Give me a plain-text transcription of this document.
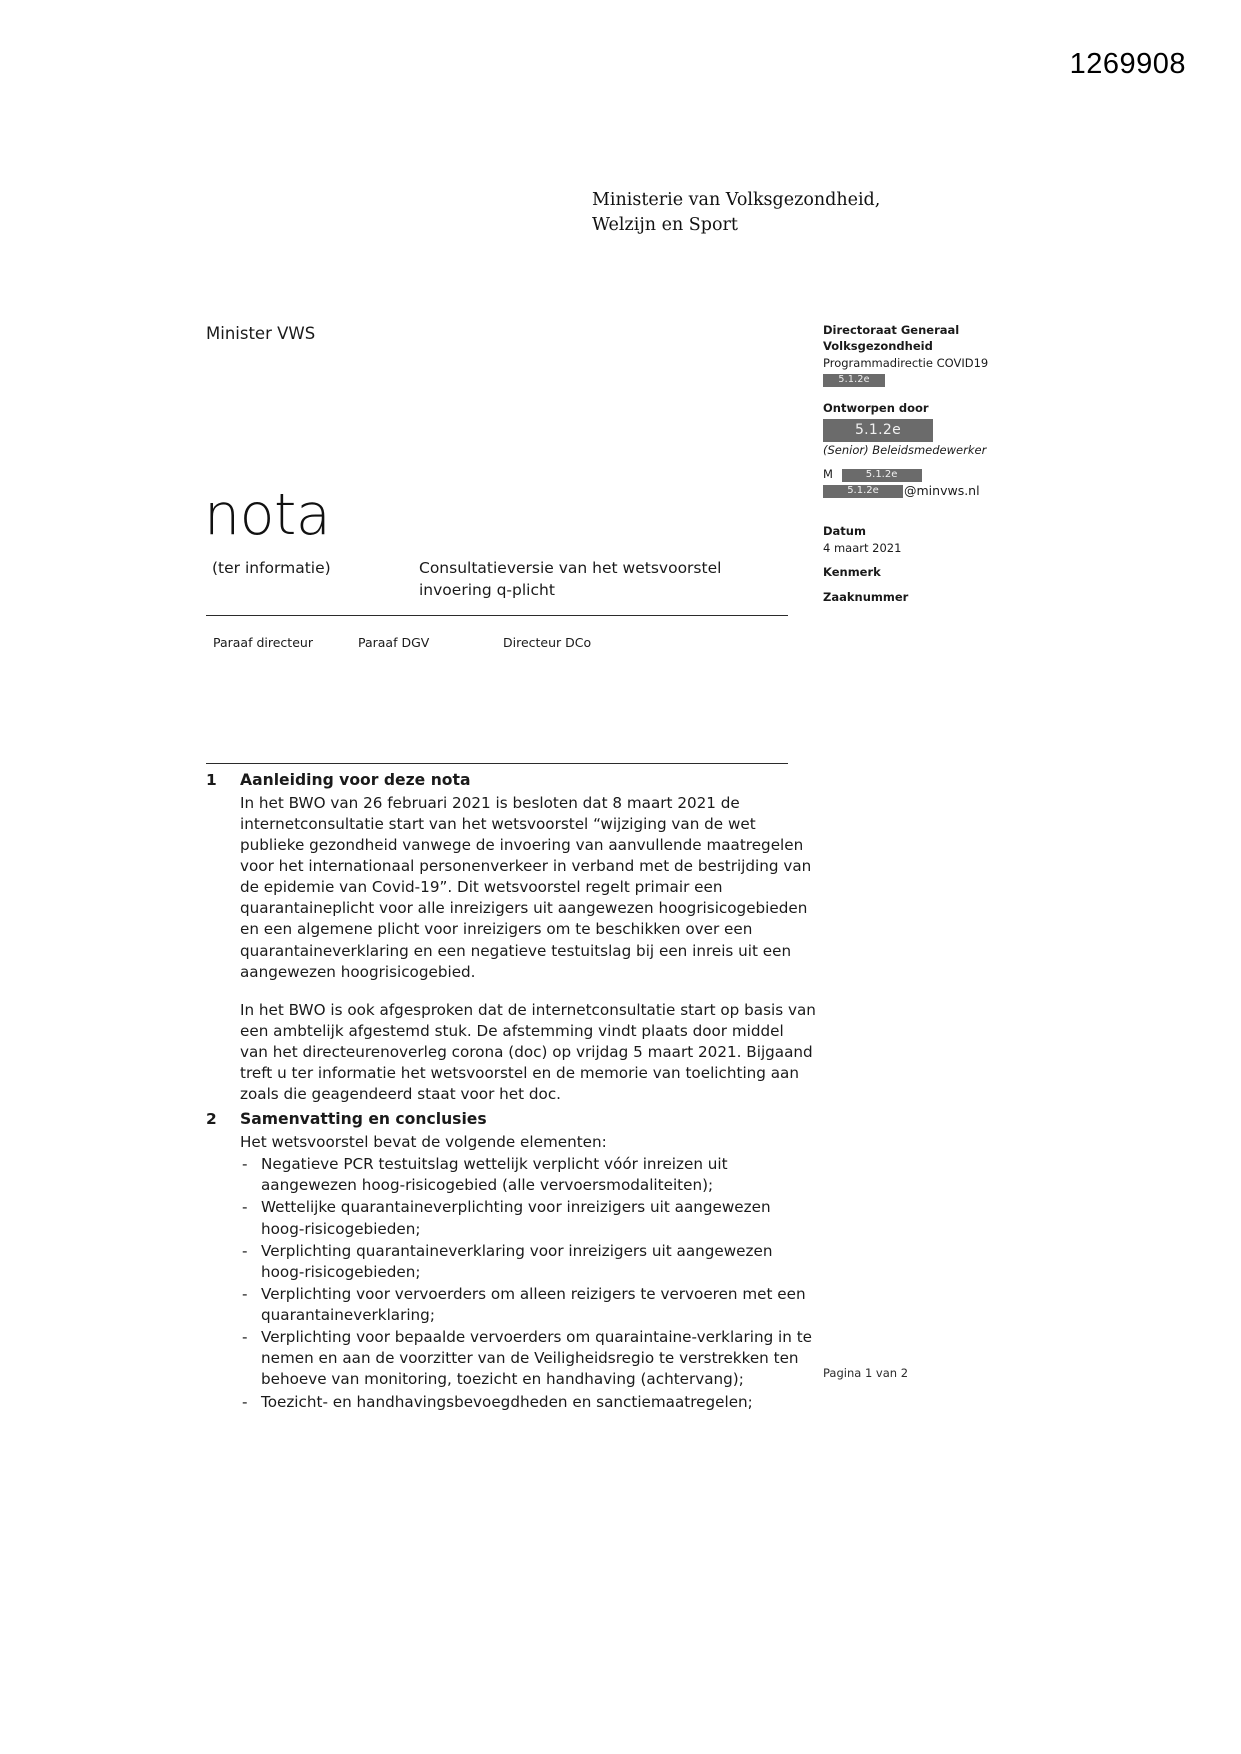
1269908
Ministerie van Volksgezondheid,
Welzijn en Sport
Minister VWS	Directoraat Generaal
Volksgezondheid
Programmadirectie COVID19
5.1.2e
Ontworpen door
5.1.2e
(Senior) Beleidsmedewerker
M	5.1.2e
5.1.2e @minvws.nl
Datum
4 maart 2021
Kenmerk
Zaaknummer
nota
(ter informatie)	Consultatieversie van het wetsvoorstel invoering q-plicht
Paraaf directeur	Paraaf DGV	Directeur DCo
1 Aanleiding voor deze nota

In het BWO van 26 februari 2021 is besloten dat 8 maart 2021 de internetconsultatie start van het wetsvoorstel “wijziging van de wet publieke gezondheid vanwege de invoering van aanvullende maatregelen voor het internationaal personenverkeer in verband met de bestrijding van de epidemie van Covid-19”. Dit wetsvoorstel regelt primair een quarantaineplicht voor alle inreizigers uit aangewezen hoogrisicogebieden en een algemene plicht voor inreizigers om te beschikken over een quarantaineverklaring en een negatieve testuitslag bij een inreis uit een aangewezen hoogrisicogebied.

In het BWO is ook afgesproken dat de internetconsultatie start op basis van een ambtelijk afgestemd stuk. De afstemming vindt plaats door middel van het directeurenoverleg corona (doc) op vrijdag 5 maart 2021. Bijgaand treft u ter informatie het wetsvoorstel en de memorie van toelichting aan zoals die geagendeerd staat voor het doc.

2 Samenvatting en conclusies

Het wetsvoorstel bevat de volgende elementen:

- Negatieve PCR testuitslag wettelijk verplicht vóór inreizen uit aangewezen hoog-risicogebied (alle vervoersmodaliteiten);
- Wettelijke quarantaineverplichting voor inreizigers uit aangewezen hoog-risicogebieden;
- Verplichting quarantaineverklaring voor inreizigers uit aangewezen hoog-risicogebieden;
- Verplichting voor vervoerders om alleen reizigers te vervoeren met een quarantaineverklaring;
- Verplichting voor bepaalde vervoerders om quaraintaine-verklaring in te nemen en aan de voorzitter van de Veiligheidsregio te verstrekken ten behoeve van monitoring, toezicht en handhaving (achtervang);
- Toezicht- en handhavingsbevoegdheden en sanctiemaatregelen;
Pagina 1 van 2
